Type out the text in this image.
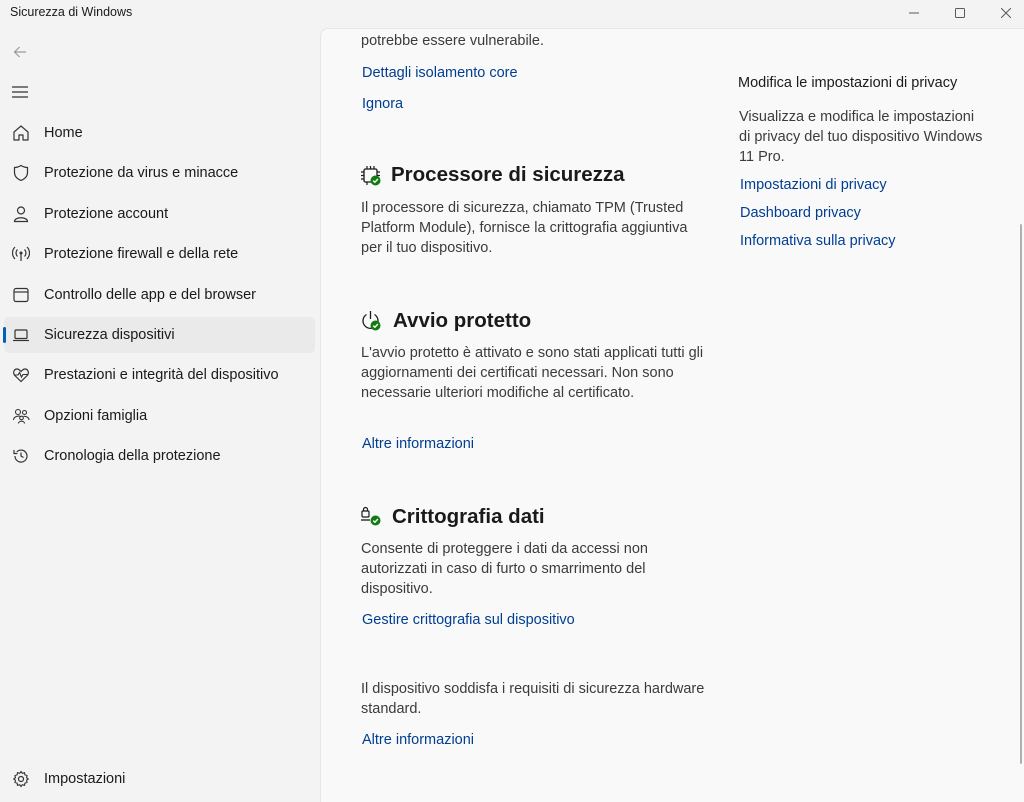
Sicurezza di Windows
Home
Protezione da virus e minacce
Protezione account
Protezione firewall e della rete
Controllo delle app e del browser
Sicurezza dispositivi
Prestazioni e integrità del dispositivo
Opzioni famiglia
Cronologia della protezione
Impostazioni
potrebbe essere vulnerabile.
Dettagli isolamento core
Ignora
Processore di sicurezza
Il processore di sicurezza, chiamato TPM (Trusted Platform Module), fornisce la crittografia aggiuntiva per il tuo dispositivo.
Avvio protetto
L'avvio protetto è attivato e sono stati applicati tutti gli aggiornamenti dei certificati necessari. Non sono necessarie ulteriori modifiche al certificato.
Altre informazioni
Crittografia dati
Consente di proteggere i dati da accessi non autorizzati in caso di furto o smarrimento del dispositivo.
Gestire crittografia sul dispositivo
Il dispositivo soddisfa i requisiti di sicurezza hardware standard.
Altre informazioni
Modifica le impostazioni di privacy
Visualizza e modifica le impostazioni di privacy del tuo dispositivo Windows 11 Pro.
Impostazioni di privacy
Dashboard privacy
Informativa sulla privacy
